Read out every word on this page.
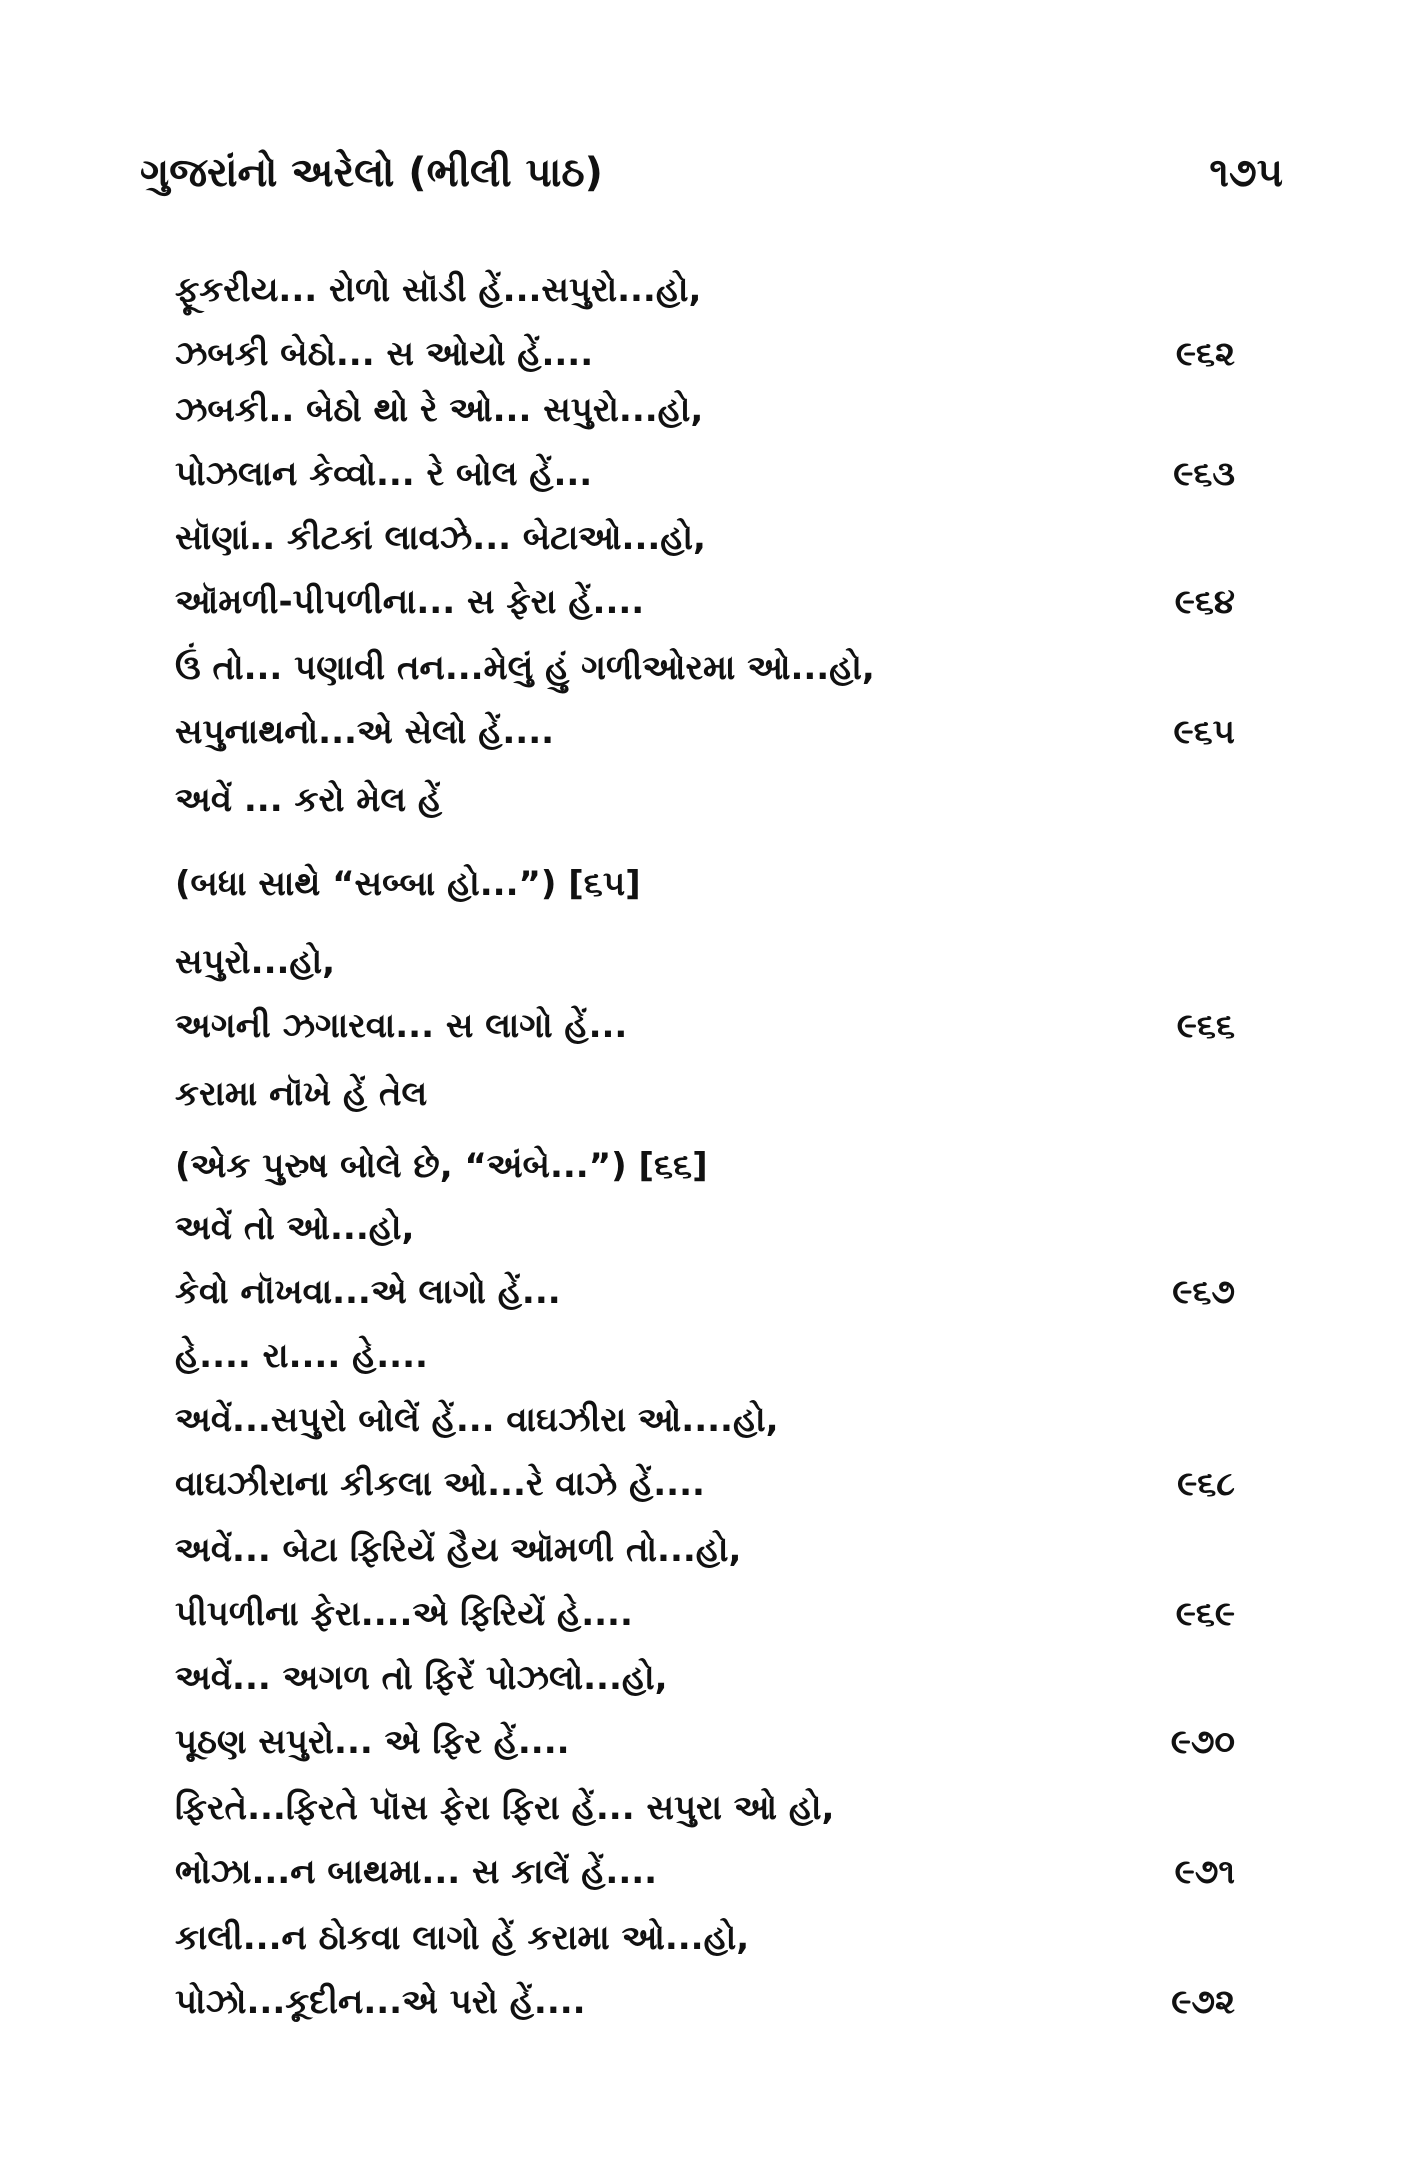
ગુજરાંનો અરેલો (ભીલી પાઠ)	૧૭૫
ફૂકરીય... રોળો સૉડી હેં...સપુરો...હો,
ઝબકી બેઠો... સ ઓયો હેં....	૯૬૨
ઝબકી.. બેઠો થો રે ઓ... સપુરો...હો,
પોઝલાન કેવ્વો... રે બોલ હેં...	૯૬૩
સૉણાં.. કીટકાં લાવઝે... બેટાઓ...હો,
ઑમળી-પીપળીના... સ ફેરા હેં....	૯૬૪
ઉં તો... પણાવી તન...મેલું હું ગળીઓરમા ઓ...હો,
સપુનાથનો...એ સેલો હેં....	૯૬૫
અવેં ... કરો મેલ હેં
(બધા સાથે “સબ્બા હો...”) [૬૫]
સપુરો...હો,
અગની ઝગારવા... સ લાગો હેં...	૯૬૬
કરામા નૉખે હેં તેલ
(એક પુરુષ બોલે છે, “અંબે...”) [૬૬]
અવેં તો ઓ...હો,
કેવો નૉખવા...એ લાગો હેં...	૯૬૭
હે.... રા.... હે....
અવેં...સપુરો બોલેં હેં... વાઘઝીરા ઓ....હો,
વાઘઝીરાના કીકલા ઓ...રે વાઝે હેં....	૯૬૮
અવેં... બેટા ફિરિયેં હૈય ઑમળી તો...હો,
પીપળીના ફેરા....એ ફિરિયેં હે....	૯૬૯
અવેં... અગળ તો ફિરેં પોઝલો...હો,
પૂઠણ સપુરો... એ ફિર હેં....	૯૭૦
ફિરતે...ફિરતે પૉસ ફેરા ફિરા હેં... સપુરા ઓ હો,
ભોઝા...ન બાથમા... સ કાલેં હેં....	૯૭૧
કાલી...ન ઠોકવા લાગો હેં કરામા ઓ...હો,
પોઝો...કૂદીન...એ પરો હેં....	૯૭૨
